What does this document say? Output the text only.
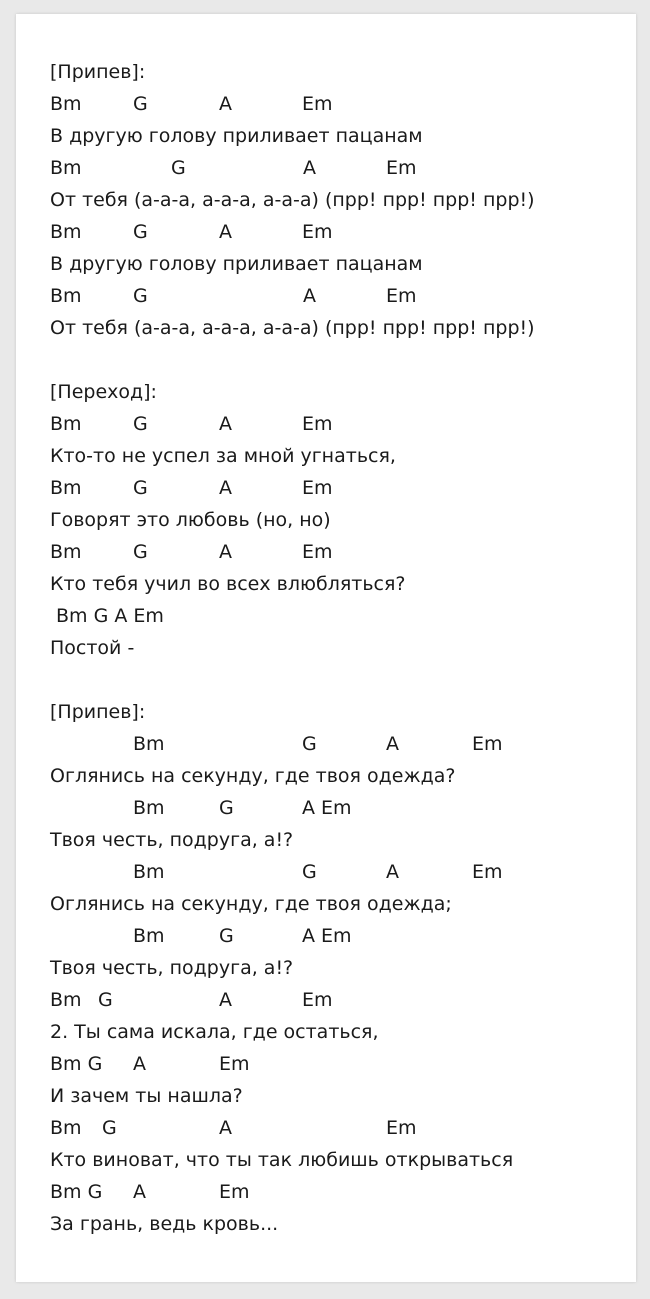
[Припев]:
Bm	G	A	Em
В другую голову приливает пацанам
Bm	G	A	Em
От тебя (а-а-а, а-а-а, а-а-а) (прр! прр! прр! прр!)
Bm	G	A	Em
В другую голову приливает пацанам
Bm	G	A	Em
От тебя (а-а-а, а-а-а, а-а-а) (прр! прр! прр! прр!)
[Переход]:
Bm	G	A	Em
Кто-то не успел за мной угнаться,
Bm	G	A	Em
Говорят это любовь (но, но)
Bm	G	A	Em
Кто тебя учил во всех влюбляться?
Bm G A Em
Постой -
[Припев]:
Bm	G	A	Em
Оглянись на секунду, где твоя одежда?
Bm	G	A Em
Твоя честь, подруга, а!?
Bm	G	A	Em
Оглянись на секунду, где твоя одежда;
Bm	G	A Em
Твоя честь, подруга, а!?
Bm G	A	Em
2. Ты сама искала, где остаться,
Bm G A	Em
И зачем ты нашла?
Bm G	A	Em
Кто виноват, что ты так любишь открываться
Bm G A	Em
За грань, ведь кровь...
